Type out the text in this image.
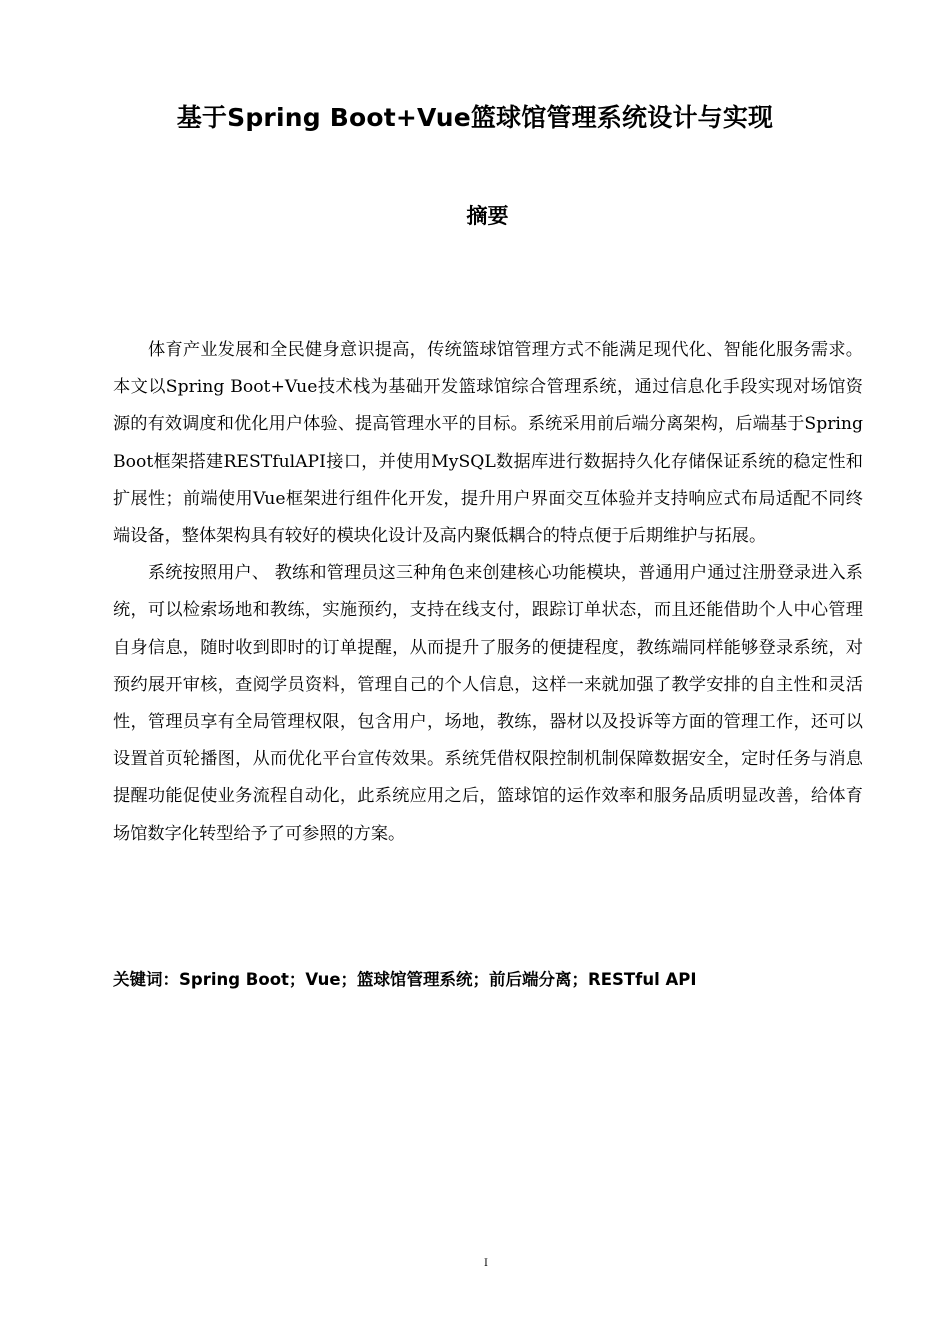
基于Spring Boot+Vue篮球馆管理系统设计与实现
摘要

体育产业发展和全民健身意识提高，传统篮球馆管理方式不能满足现代化、智能化服务需求。本文以Spring Boot+Vue技术栈为基础开发篮球馆综合管理系统，通过信息化手段实现对场馆资源的有效调度和优化用户体验、提高管理水平的目标。系统采用前后端分离架构，后端基于Spring Boot框架搭建RESTfulAPI接口，并使用MySQL数据库进行数据持久化存储保证系统的稳定性和扩展性；前端使用Vue框架进行组件化开发，提升用户界面交互体验并支持响应式布局适配不同终端设备，整体架构具有较好的模块化设计及高内聚低耦合的特点便于后期维护与拓展。

系统按照用户、 教练和管理员这三种角色来创建核心功能模块，普通用户通过注册登录进入系统，可以检索场地和教练，实施预约，支持在线支付，跟踪订单状态，而且还能借助个人中心管理自身信息，随时收到即时的订单提醒，从而提升了服务的便捷程度，教练端同样能够登录系统，对预约展开审核，查阅学员资料，管理自己的个人信息，这样一来就加强了教学安排的自主性和灵活性，管理员享有全局管理权限，包含用户，场地，教练，器材以及投诉等方面的管理工作，还可以设置首页轮播图，从而优化平台宣传效果。系统凭借权限控制机制保障数据安全，定时任务与消息提醒功能促使业务流程自动化，此系统应用之后，篮球馆的运作效率和服务品质明显改善，给体育场馆数字化转型给予了可参照的方案。

关键词：Spring Boot；Vue；篮球馆管理系统；前后端分离；RESTful API
I
